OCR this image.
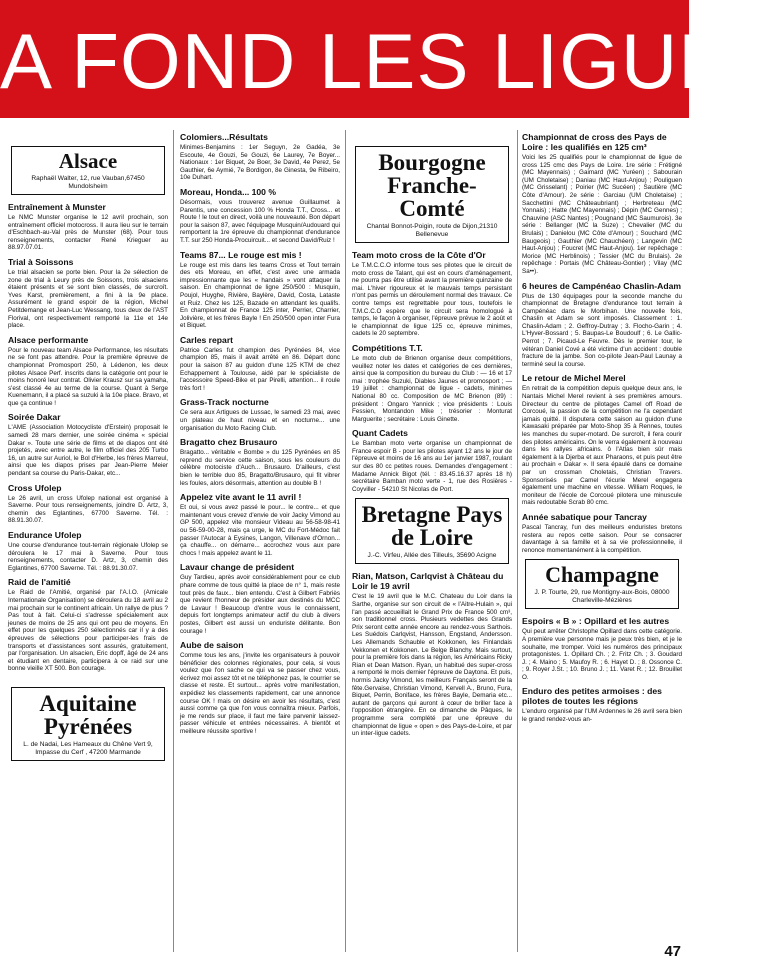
A FOND LES LIGUES
Alsace
Raphaël Walter, 12, rue Vauban,67450 Mundolsheim
Entraînement à Munster

Le NMC Munster organise le 12 avril prochain, son entraînement officiel motocross. Il aura lieu sur le terrain d'Eschbach-au-Val près de Munster (68). Pour tous renseignements, contacter René Krieguer au 88.97.07.01.

Trial à Soissons

Le trial alsacien se porte bien. Pour la 2e sélection de zone de trial à Leury près de Soissons, trois alsaciens étaient présents et se sont bien classés, de surcroît. Yves Karst, premièrement, a fini à la 9e place. Assurément le grand espoir de la région, Michel Petitdemange et Jean-Luc Wessang, tous deux de l'AST Florival, ont respectivement remporté la 11e et 14e place.

Alsace performante

Pour le nouveau team Alsace Performance, les résultats ne se font pas attendre. Pour la première épreuve de championnat Promosport 250, à Lédenon, les deux pilotes Alsace Perf. inscrits dans la catégorie ont pour le moins honoré leur contrat. Olivier Krausz sur sa yamaha, s'est classé 4e au terme de la course. Quant à Serge Kuenemann, il a placé sa suzuki à la 10e place. Bravo, et que ça continue !

Soirée Dakar

L'AME (Association Motocycliste d'Erstein) proposait le samedi 28 mars dernier, une soirée cinéma « spécial Dakar ». Toute une série de films et de diapos ont été projetés, avec entre autre, le film officiel des 205 Turbo 16, un autre sur Auriol, le Bol d'Herbe, les frères Marreul, ainsi que les diapos prises par Jean-Pierre Meier pendant sa course du Paris-Dakar, etc...

Cross Ufolep

Le 26 avril, un cross Ufolep national est organisé à Saverne. Pour tous renseignements, joindre D. Artz, 3, chemin des Eglantines, 67700 Saverne. Tél. : 88.91.30.07.

Endurance Ufolep

Une course d'endurance tout-terrain régionale Ufolep se déroulera le 17 mai à Saverne. Pour tous renseignements, contacter D. Artz, 3, chemin des Eglantines, 67700 Saverne. Tél. : 88.91.30.07.

Raid de l'amitié

Le Raid de l'Amitié, organisé par l'A.I.O. (Amicale Internationale Organisation) se déroulera du 18 avril au 2 mai prochain sur le continent africain. Un rallye de plus ? Pas tout à fait. Celui-ci s'adresse spécialement aux jeunes de moins de 25 ans qui ont peu de moyens. En effet pour les quelques 250 sélectionnés car il y a des épreuves de sélections pour participer-les frais de transports et d'assistances sont assurés, gratuitement, par l'organisation. Un alsacien, Eric dopff, âgé de 24 ans et étudiant en dentaire, participera à ce raid sur une bonne vieille XT 500. Bon courage.

Aquitaine Pyrénées
L. de Nadai, Les Hameaux du Chêne Vert 9, Impasse du Cerf , 47200 Marmande
Colomiers...Résultats

Minimes-Benjamins : 1er Seguyn, 2e Gadéa, 3e Escoute, 4e Gouzi, 5e Gouzi, 6e Laurey, 7e Boyer... Nationaux : 1er Biquet, 2e Boer, 3e David, 4e Perez, 5e Gauthier, 6e Aymié, 7e Bordigon, 8e Ginesta, 9e Ribeiro, 10e Duhart.

Moreau, Honda... 100 %

Désormais, vous trouverez avenue Guillaumet à Parentis, une concession 100 % Honda T.T., Cross... et Route ! le tout en direct, voilà une nouveauté. Bon départ pour la saison 87, avec l'équipage Musquin/Audouard qui remportent la 1re épreuve du championnat d'endurance T.T. sur 250 Honda-Procuircuit... et second David/Ruiz !

Teams 87... Le rouge est mis !

Le rouge est mis dans les teams Cross et Tout terrain des ets Moreau, en effet, c'est avec une armada impressionnante que les « handais » vont attaquer la saison. En championnat de ligne 250/500 : Musquin, Poujol, Huyghe, Rivière, Baylère, David, Costa, Lataste et Ruiz. Chez les 125, Bazade en attendant les qualifs. En championnat de France 125 inter, Perrier, Charrier, Jolivière, et les frères Bayle ! En 250/500 open inter Fura et Biquet.

Carles repart

Patrice Carles fut champion des Pyrénées 84, vice champion 85, mais il avait arrêté en 86. Départ donc pour la saison 87 au guidon d'une 125 KTM de chez Echappement à Toulouse, aidé par le spécialiste de l'accessoire Speed-Bike et par Pirelli, attention... il roule très fort !

Grass-Track nocturne

Ce sera aux Artigues de Lussac, le samedi 23 mai, avec un plateau de haut niveau et en nocturne... une organisation du Moto Racing Club.

Bragatto chez Brusauro

Bragatto... véritable « Bombe » du 125 Pyrénées en 85 reprend du service cette saison, sous les couleurs du célèbre motociste d'Auch... Brusauro. D'ailleurs, c'est bien le terrible duo 85, Bragatto/Brusauro, qui fit vibrer les foules, alors désormais, attention au double B !

Appelez vite avant le 11 avril !

Et oui, si vous avez passé le pour... le contre... et que maintenant vous crevez d'envie de voir Jacky Vimond au GP 500, appelez vite monsieur Videau au 56-58-98-41 ou 56-59-00-28, mais ça urge, le MC du Fort-Médoc fait passer l'Autocar à Eysines, Langon, Villenave d'Ornon... ça chauffe... on démarre... accrochez vous aux pare chocs ! mais appelez avant le 11.

Lavaur change de président

Guy Tardieu, après avoir considérablement pour ce club phare comme de tous quitté la place de n° 1, mais reste tout près de faux... bien entendu. C'est à Gilbert Fabriès que revient l'honneur de présider aux destinés du MCC de Lavaur ! Beaucoup d'entre vous le connaissent, depuis fort longtemps animateur actif du club à divers postes, Gilbert est aussi un enduriste délitante. Bon courage !

Aube de saison

Comme tous les ans, j'invite les organisateurs à pouvoir bénéficier des colonnes régionales, pour cela, si vous voulez que l'on sache ce qui va se passer chez vous, écrivez moi assez tôt et ne téléphonez pas, le courrier se classe et reste. Et surtout... après votre manifestation, expédiez les classements rapidement, car une annonce course OK ! mais on désire en avoir les résultats, c'est aussi comme ça que l'on vous connaîtra mieux. Parfois, je me rends sur place, il faut me faire parvenir laissez-passer véhicule et entrées nécessaires. A bientôt et meilleure réussite sportive !

Bourgogne Franche-Comté
Chantal Bonnot-Poigin, route de Dijon,21310 Bellenevue
Team moto cross de la Côte d'Or

Le T.M.C.C.O informe tous ses pilotes que le circuit de moto cross de Talant, qui est en cours d'aménagement, ne pourra pas être utilisé avant la première quinzaine de mai. L'hiver rigoureux et le mauvais temps persistant n'ont pas permis un déroulement normal des travaux. Ce contre temps est regrettable pour tous, toutefois le T.M.C.C.O espère que le circuit sera homologué à temps, le façon à organiser, l'épreuve prévue le 2 août et le championnat de ligue 125 cc, épreuve minimes, cadets le 20 septembre.

Compétitions T.T.

Le moto club de Brienon organise deux compétitions, veuillez noter les dates et catégories de ces dernières, ainsi que la composition du bureau du Club : — 16 et 17 mai : trophée Suzuki, Diables Jaunes et promosport ; — 19 juillet : championnat de ligue - cadets, minimes National 80 cc. Composition de MC Brienon (89) : président : Ongaro Yannick ; vice présidents : Louis Fessien, Montandon Mike ; trésorier : Monturat Marguerite ; secrétaire : Louis Ginette.

Quant Cadets

Le Bamban moto verte organise un championnat de France espoir B - pour les pilotes ayant 12 ans le jour de l'épreuve et moins de 16 ans au 1er janvier 1987, roulant sur des 80 cc petites roues. Demandes d'engagement : Madame Annick Bigot (tél. : 83.45.16.37 après 18 h) secrétaire Bamban moto verte - 1, rue des Rosières - Coyviller - 54210 St Nicolas de Port.

Bretagne Pays de Loire
J.-C. Virfeu, Allée des Tilleuls, 35690 Acigne
Rian, Matson, Carlqvist à Château du Loir le 19 avril

C'est le 19 avril que le M.C. Chateau du Loir dans la Sarthe, organise sur son circuit de « l'Aitre-Hulain », qui l'an passé accueillait le Grand Prix de France 500 cm³, son traditionnel cross. Plusieurs vedettes des Grands Prix seront cette année encore au rendez-vous Sarthois. Les Suédois Carlqvist, Hansson, Engstand, Andersson. Les Allemands Schauble et Kokkonen, les Finlandais Vekkonen et Kokkonen. Le Belge Blanchy. Mais surtout, pour la première fois dans la région, les Américains Ricky Rian et Dean Matson. Ryan, un habitué des super-cross a remporté le mois dernier l'épreuve de Daytona. Et puis, hormis Jacky Vimond, les meilleurs Français seront de la fête.Gervaise, Christian Vimond, Kervell A., Bruno, Fura, Biquet, Perrin, Boniface, les frères Bayle, Demaria etc... autant de garçons qui auront à cœur de briller face à l'opposition étrangère. En ce dimanche de Pâques, le programme sera complété par une épreuve du championnat de ligue « open » des Pays-de-Loire, et par un inter-ligue cadets.

Championnat de cross des Pays de Loire : les qualifiés en 125 cm³

Voici les 25 qualifiés pour le championnat de ligue de cross 125 cmc des Pays de Loire. 1re série : Frétigné (MC Mayennais) ; Gaimard (MC Yuréen) ; Sabourain (UM Choletaise) ; Daniau (MC Haut-Anjou) ; Pouliguen (MC Grisselant) ; Poirier (MC Sucéen) ; Sautière (MC Côte d'Amour). 2e série : Garciau (UM Choletaise) ; Sacchettini (MC Châteaubriant) ; Herbreteau (MC Yonnais) ; Hatte (MC Mayennais) ; Dépin (MC Gennes) ; Chauvine (ASC Nantes) ; Pougnand (MC Saumurois). 3e série : Bellanger (MC la Suze) ; Chevalier (MC du Brulais) ; Danielou (MC Côte d'Amour) ; Souchard (MC Baugeois) ; Gauthier (MC Chauchéen) ; Langevin (MC Haut-Anjou) ; Foucret (MC Haut-Anjou). 1er repêchage : Morice (MC Herblinois) ; Tessier (MC du Brulais). 2e repêchage : Portais (MC Château-Gontier) ; Vilay (MC Sa••).

6 heures de Campénéao Chaslin-Adam

Plus de 130 équipages pour la seconde manche du championnat de Bretagne d'endurance tout terrain à Campénéac dans le Morbihan. Une nouvelle fois, Chaslin et Adam se sont imposés. Classement : 1. Chaslin-Adam ; 2. Geffroy-Dutray ; 3. Flocho-Garin ; 4. L'Hyver-Bossard ; 5. Baupas-Le Boudoulf ; 6. Le Gallic-Perrot ; 7. Picaud-Le Feuvre. Dès le premier tour, le vétéran Daniel Cové a été victime d'un accident : double fracture de la jambe. Son co-pilote Jean-Paul Launay a terminé seul la course.

Le retour de Michel Merel

En retrait de la compétition depuis quelque deux ans, le Nantais Michel Merel revient à ses premières amours. Directeur du centre de pilotages Camel off Road de Corcoué, la passion de la compétition ne l'a cependant jamais quitté. Il disputera cette saison au guidon d'une Kawasaki préparée par Moto-Shop 35 à Rennes, toutes les manches du super-motard. De surcroît, il fera courir des pilotes américains. On le verra également à nouveau dans les rallyes africains. ô l'Atlas bien sûr mais également à la Djerba et aux Pharaons, et puis peut être au prochain « Dakar ». Il sera épaulé dans ce domaine par un crossman Choletais, Christian Travers. Sponsorisés par Camel l'écurie Merel engagera également une machine en vitesse. William Roques, le moniteur de l'école de Corcoué pilotera une minuscule mais redoutable Scrab 80 cmc.

Année sabatique pour Tancray

Pascal Tancray, l'un des meilleurs enduristes bretons restera au repos cette saison. Pour se consacrer davantage à sa famille et à sa vie professionnelle, il renonce momentanément à la compétition.

Champagne
J. P. Tourte, 29, rue Montigny-aux-Bois, 08000 Charleville-Mézières
Espoirs « B » : Opillard et les autres

Qui peut arrêter Christophe Opillard dans cette catégorie. A première vue personne mais je peux très bien, et je le souhaite, me tromper. Voici les numéros des principaux protagonistes. 1. Opillard Ch. ; 2. Fritz Ch. ; 3. Goudard J. ; 4. Maino ; 5. Maufoy R. ; 6. Hayet D. ; 8. Ossonce C. ; 9. Royer J.St. ; 10. Bruno J. ; 11. Varet R. ; 12. Brouillet O.

Enduro des petites armoises : des pilotes de toutes les régions

L'enduro organisé par l'UM Ardennes le 26 avril sera bien le grand rendez-vous an-

47
